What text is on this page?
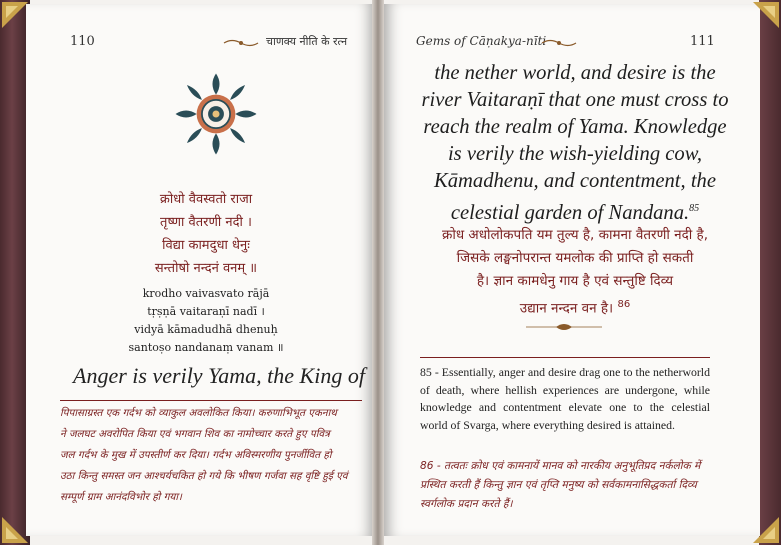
110	चाणक्य नीति के रत्न
क्रोधो वैवस्वतो राजा
तृष्णा वैतरणी नदी ।
विद्या कामदुधा धेनुः
सन्तोषो नन्दनं वनम् ॥
krodho vaivasvato rājā
tṛṣṇā vaitaraṇī nadī ।
vidyā kāmadudhā dhenuḥ
santoṣo nandanaṃ vanam ॥
Anger is verily Yama, the King of
पिपासाग्रस्त एक गर्दभ को व्याकुल अवलोकित किया। करुणाभिभूत एकनाथ
ने जलघट अवरोपित किया एवं भगवान शिव का नामोच्चार करते हुए पवित्र
जल गर्दभ के मुख में उपस्तीर्ण कर दिया। गर्दभ अविस्मरणीय पुनर्जीवित हो
उठा किन्तु समस्त जन आश्चर्यचकित हो गये कि भीषण गर्जवा सह वृष्टि हुई एवं
सम्पूर्ण ग्राम आनंदविभोर हो गया।
Gems of Cāṇakya-nīti	111
the nether world, and desire is the
river Vaitaraṇī that one must cross to
reach the realm of Yama. Knowledge
is verily the wish-yielding cow,
Kāmadhenu, and contentment, the
celestial garden of Nandana.$^{85}$
क्रोध अधोलोकपति यम तुल्य है, कामना वैतरणी नदी है,
जिसके लङ्घनोपरान्त यमलोक की प्राप्ति हो सकती
है। ज्ञान कामधेनु गाय है एवं सन्तुष्टि दिव्य
उद्यान नन्दन वन है। $^{86}$
85 - Essentially, anger and desire drag one to the netherworld of death, where hellish experiences are undergone, while knowledge and contentment elevate one to the celestial world of Svarga, where everything desired is attained.
86 - तत्वतः क्रोध एवं कामनायें मानव को नारकीय अनुभूतिप्रद नर्कलोक में
प्रस्थित करती हैं किन्तु ज्ञान एवं तृप्ति मनुष्य को सर्वकामनासिद्धकर्ता दिव्य
स्वर्गलोक प्रदान करते हैं।
